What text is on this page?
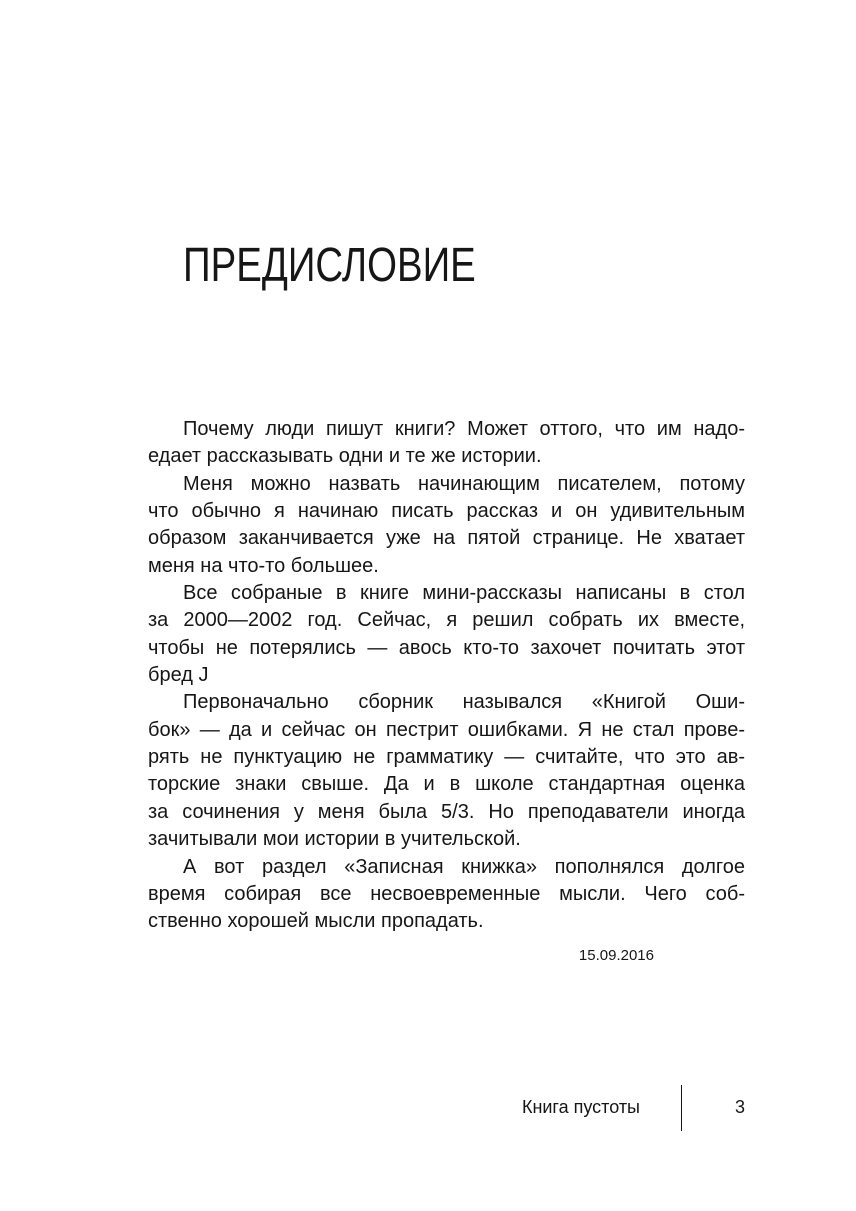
ПРЕДИСЛОВИЕ

Почему люди пишут книги? Может оттого, что им надо-
едает рассказывать одни и те же истории.

Меня можно назвать начинающим писателем, потому
что обычно я начинаю писать рассказ и он удивительным
образом заканчивается уже на пятой странице. Не хватает
меня на что-то большее.

Все собраные в книге мини-рассказы написаны в стол
за 2000—2002 год. Сейчас, я решил собрать их вместе,
чтобы не потерялись — авось кто-то захочет почитать этот
бред J

Первоначально сборник назывался «Книгой Оши-
бок» — да и сейчас он пестрит ошибками. Я не стал прове-
рять не пунктуацию не грамматику — считайте, что это ав-
торские знаки свыше. Да и в школе стандартная оценка
за сочинения у меня была 5/3. Но преподаватели иногда
зачитывали мои истории в учительской.

А вот раздел «Записная книжка» пополнялся долгое
время собирая все несвоевременные мысли. Чего соб-
ственно хорошей мысли пропадать.

15.09.2016
Книга пустоты	3
